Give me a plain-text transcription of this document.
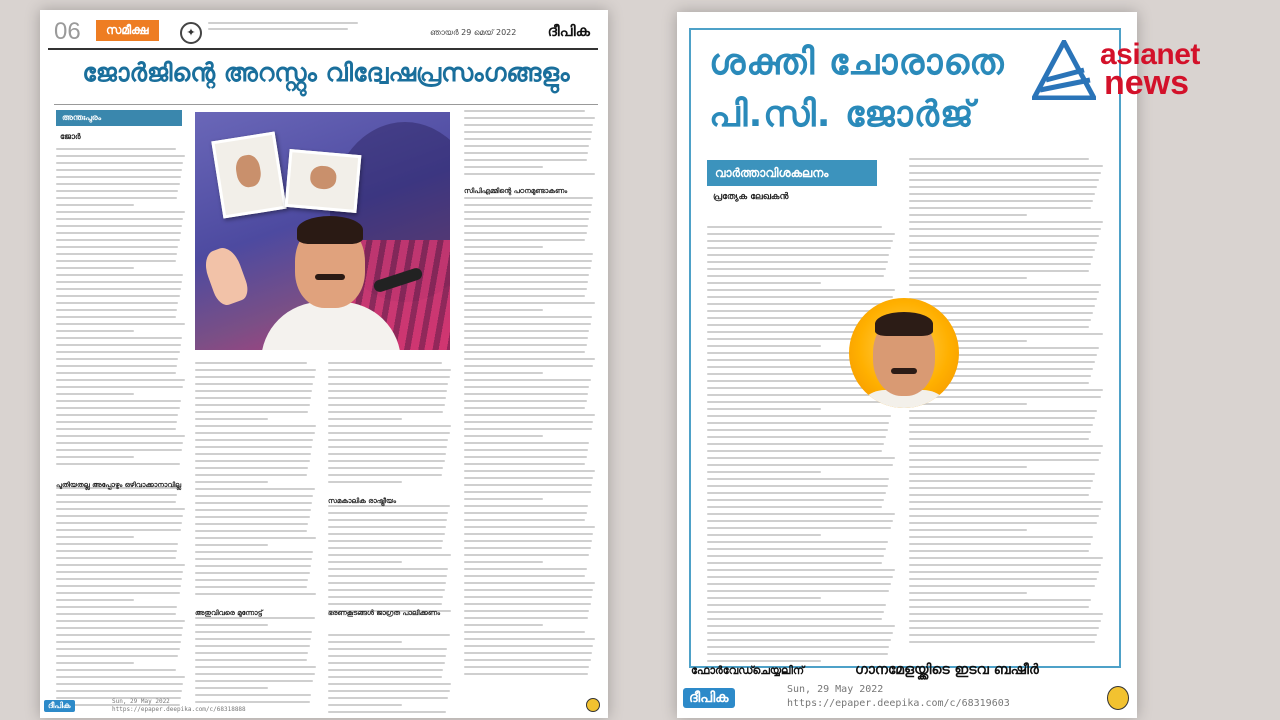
06	സമീക്ഷ	✦	ഞായർ 29 മെയ് 2022 ദീപിക
ജോർജിന്റെ അറസ്റ്റും വിദ്വേഷപ്രസംഗങ്ങളും
അന്തഃപുരം
ജോർ
പുതിയതല്ല അപ്പോഴും ഒഴിവാക്കാനാവില്ല
അതുവിവരെ മുന്നോട്ട്
സമകാലിക രാഷ്ട്രീയം
ഭരണകൂടങ്ങൾ ജാഗ്രത പാലിക്കണം
സിപിഎമ്മിന്റെ പഠനമുണ്ടാകണം
ദീപിക	Sun, 29 May 2022
https://epaper.deepika.com/c/68318888
ശക്തി ചോരാതെ
പി.സി. ജോർജ്
വാർത്താവിശകലനം
പ്രത്യേക ലേഖകൻ
ഫോർവേഡ്ചെയ്യലിന്	ഗാനമേളയ്ക്കിടെ ഇടവ ബഷീർ
ദീപിക
Sun, 29 May 2022
https://epaper.deepika.com/c/68319603
asianet
news
